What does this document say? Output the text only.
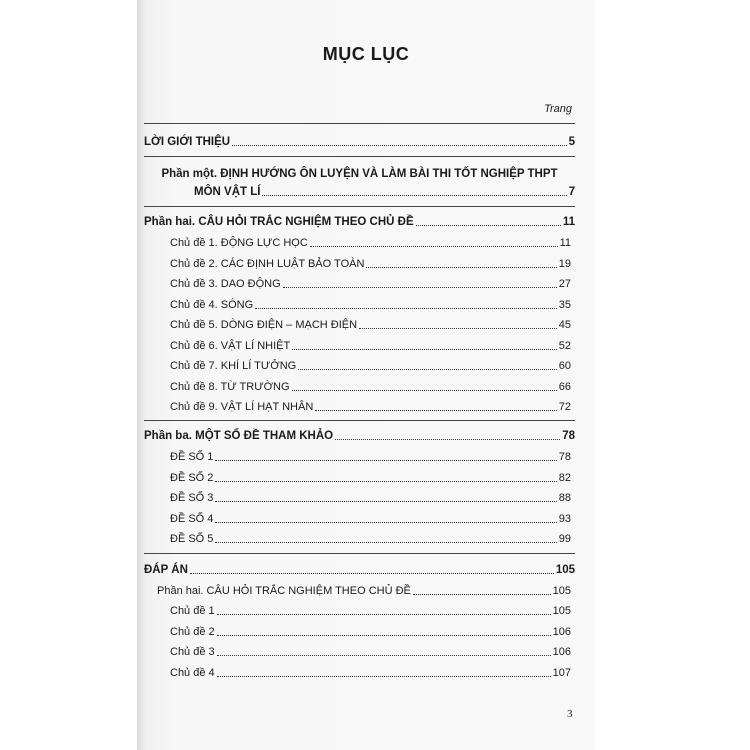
MỤC LỤC
Trang
LỜI GIỚI THIỆU	5
Phần một. ĐỊNH HƯỚNG ÔN LUYỆN VÀ LÀM BÀI THI TỐT NGHIỆP THPT
MÔN VẬT LÍ	7
Phần hai. CÂU HỎI TRẮC NGHIỆM THEO CHỦ ĐỀ	11
Chủ đề 1. ĐỘNG LỰC HỌC	11
Chủ đề 2. CÁC ĐỊNH LUẬT BẢO TOÀN	19
Chủ đề 3. DAO ĐỘNG	27
Chủ đề 4. SÓNG	35
Chủ đề 5. DÒNG ĐIỆN – MẠCH ĐIỆN	45
Chủ đề 6. VẬT LÍ NHIỆT	52
Chủ đề 7. KHÍ LÍ TƯỞNG	60
Chủ đề 8. TỪ TRƯỜNG	66
Chủ đề 9. VẬT LÍ HẠT NHÂN	72
Phần ba. MỘT SỐ ĐỀ THAM KHẢO	78
ĐỀ SỐ 1	78
ĐỀ SỐ 2	82
ĐỀ SỐ 3	88
ĐỀ SỐ 4	93
ĐỀ SỐ 5	99
ĐÁP ÁN	105
Phần hai. CÂU HỎI TRẮC NGHIỆM THEO CHỦ ĐỀ	105
Chủ đề 1	105
Chủ đề 2	106
Chủ đề 3	106
Chủ đề 4	107
3
